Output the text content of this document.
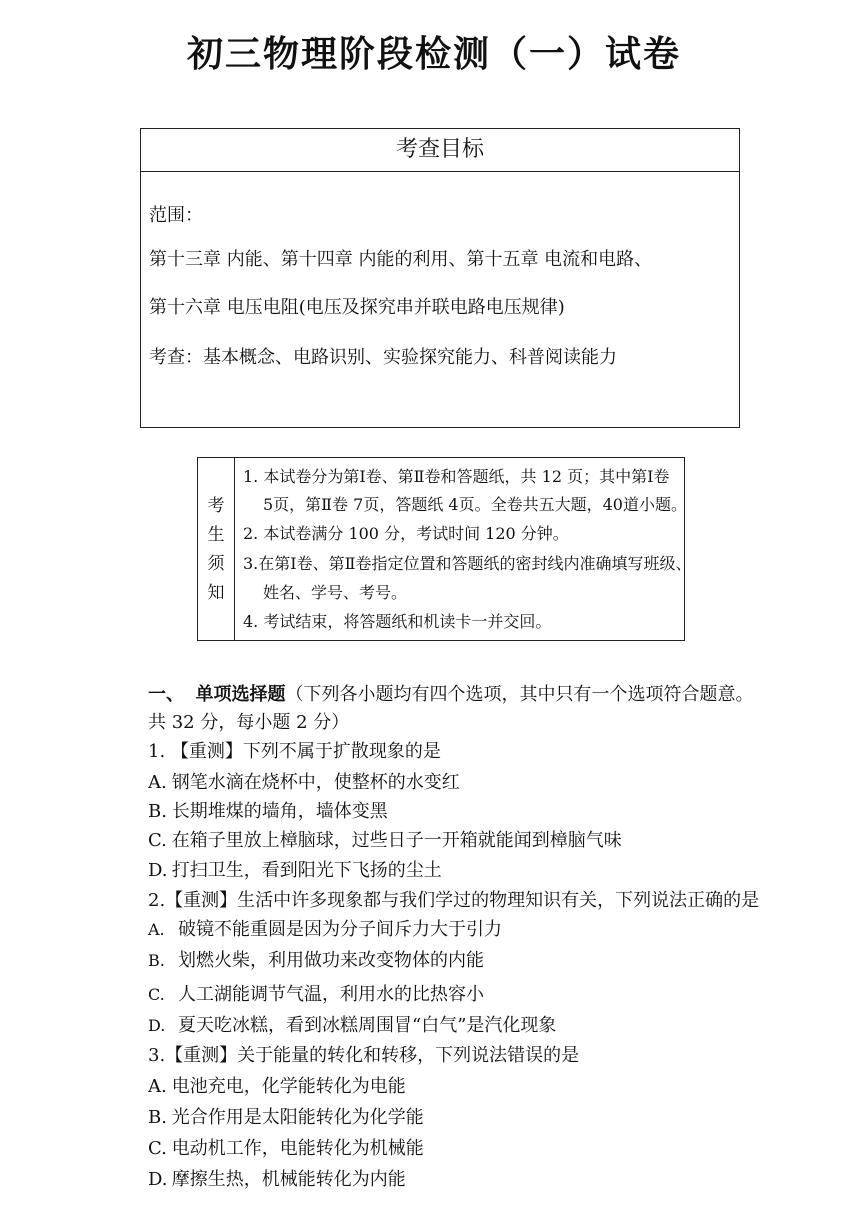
初三物理阶段检测（一）试卷
考查目标
范围：
第十三章 内能、第十四章 内能的利用、第十五章 电流和电路、
第十六章 电压电阻(电压及探究串并联电路电压规律)
考查：基本概念、电路识别、实验探究能力、科普阅读能力
考
生
须
知
1. 本试卷分为第Ⅰ卷、第Ⅱ卷和答题纸，共 12 页；其中第Ⅰ卷
5页，第Ⅱ卷 7页，答题纸 4页。全卷共五大题，40道小题。
2. 本试卷满分 100 分，考试时间 120 分钟。
3.在第Ⅰ卷、第Ⅱ卷指定位置和答题纸的密封线内准确填写班级、
姓名、学号、考号。
4. 考试结束，将答题纸和机读卡一并交回。
一、 单项选择题（下列各小题均有四个选项，其中只有一个选项符合题意。
共 32 分，每小题 2 分）
1. 【重测】下列不属于扩散现象的是
A. 钢笔水滴在烧杯中，使整杯的水变红
B. 长期堆煤的墙角，墙体变黑
C. 在箱子里放上樟脑球，过些日子一开箱就能闻到樟脑气味
D. 打扫卫生，看到阳光下飞扬的尘土
2.【重测】生活中许多现象都与我们学过的物理知识有关，下列说法正确的是
A. 破镜不能重圆是因为分子间斥力大于引力
B. 划燃火柴，利用做功来改变物体的内能
C. 人工湖能调节气温，利用水的比热容小
D. 夏天吃冰糕，看到冰糕周围冒“白气”是汽化现象
3.【重测】关于能量的转化和转移，下列说法错误的是
A. 电池充电，化学能转化为电能
B. 光合作用是太阳能转化为化学能
C. 电动机工作，电能转化为机械能
D. 摩擦生热，机械能转化为内能
